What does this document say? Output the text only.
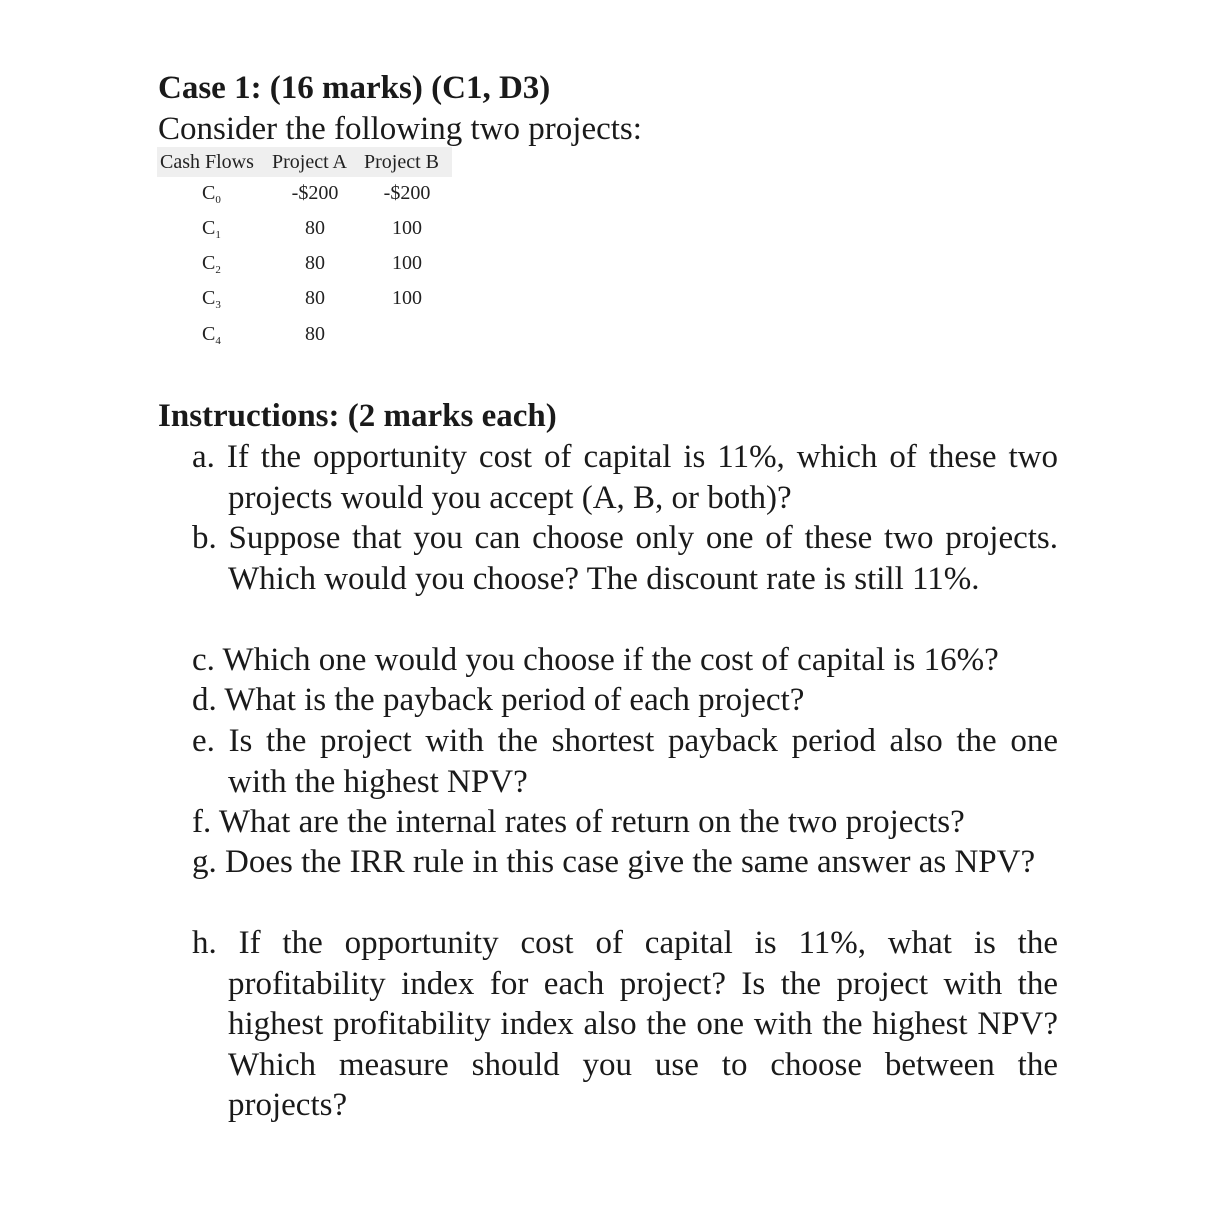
Case 1: (16 marks) (C1, D3)
Consider the following two projects:
Cash Flows Project A Project B
$C_0$	-$200	-$200
$C_1$	80	100
$C_2$	80	100
$C_3$	80	100
$C_4$	80
Instructions: (2 marks each)
a. If the opportunity cost of capital is 11%, which of these two projects would you accept (A, B, or both)?
b. Suppose that you can choose only one of these two projects. Which would you choose? The discount rate is still 11%.
c. Which one would you choose if the cost of capital is 16%?
d. What is the payback period of each project?
e. Is the project with the shortest payback period also the one with the highest NPV?
f. What are the internal rates of return on the two projects?
g. Does the IRR rule in this case give the same answer as NPV?
h. If the opportunity cost of capital is 11%, what is the profitability index for each project? Is the project with the highest profitability index also the one with the highest NPV? Which measure should you use to choose between the projects?
